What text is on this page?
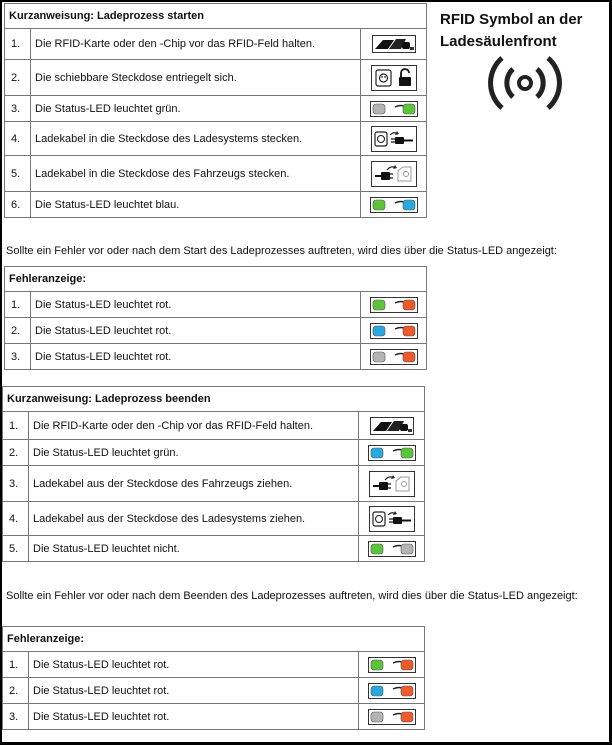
RFID Symbol an der Ladesäulenfront
Kurzanweisung: Ladeprozess starten		
1.	Die RFID-Karte oder den -Chip vor das RFID-Feld halten.	
2.	Die schiebbare Steckdose entriegelt sich.	
3.	Die Status-LED leuchtet grün.	
4.	Ladekabel in die Steckdose des Ladesystems stecken.	
5.	Ladekabel in die Steckdose des Fahrzeugs stecken.	
6.	Die Status-LED leuchtet blau.	
Sollte ein Fehler vor oder nach dem Start des Ladeprozesses auftreten, wird dies über die Status-LED angezeigt:
Fehleranzeige:		
1.	Die Status-LED leuchtet rot.	
2.	Die Status-LED leuchtet rot.	
3.	Die Status-LED leuchtet rot.	
Kurzanweisung: Ladeprozess beenden		
1.	Die RFID-Karte oder den -Chip vor das RFID-Feld halten.	
2.	Die Status-LED leuchtet grün.	
3.	Ladekabel aus der Steckdose des Fahrzeugs ziehen.	
4.	Ladekabel aus der Steckdose des Ladesystems ziehen.	
5.	Die Status-LED leuchtet nicht.	
Sollte ein Fehler vor oder nach dem Beenden des Ladeprozesses auftreten, wird dies über die Status-LED angezeigt:
Fehleranzeige:		
1.	Die Status-LED leuchtet rot.	
2.	Die Status-LED leuchtet rot.	
3.	Die Status-LED leuchtet rot.	
